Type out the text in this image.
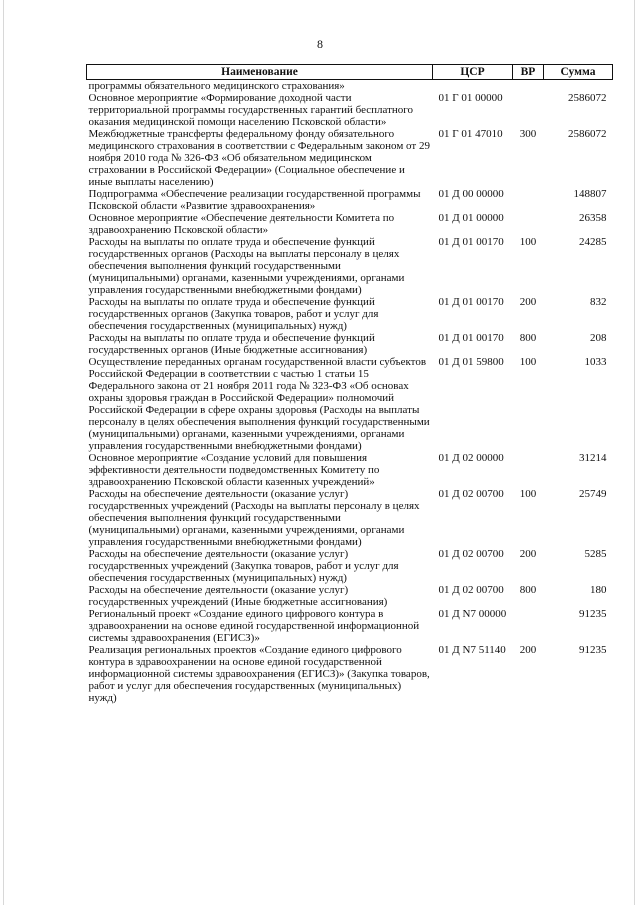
8
Наименование	ЦСР	ВР	Сумма
программы обязательного медицинского страхования»			
Основное мероприятие «Формирование доходной части территориальной программы государственных гарантий бесплатного оказания медицинской помощи населению Псковской области»	01 Г 01 00000		2586072
Межбюджетные трансферты федеральному фонду обязательного медицинского страхования в соответствии с Федеральным законом от 29 ноября 2010 года № 326-ФЗ «Об обязательном медицинском страховании в Российской Федерации» (Социальное обеспечение и иные выплаты населению)	01 Г 01 47010	300	2586072
Подпрограмма «Обеспечение реализации государственной программы Псковской области «Развитие здравоохранения»	01 Д 00 00000		148807
Основное мероприятие «Обеспечение деятельности Комитета по здравоохранению Псковской области»	01 Д 01 00000		26358
Расходы на выплаты по оплате труда и обеспечение функций государственных органов (Расходы на выплаты персоналу в целях обеспечения выполнения функций государственными (муниципальными) органами, казенными учреждениями, органами управления государственными внебюджетными фондами)	01 Д 01 00170	100	24285
Расходы на выплаты по оплате труда и обеспечение функций государственных органов (Закупка товаров, работ и услуг для обеспечения государственных (муниципальных) нужд)	01 Д 01 00170	200	832
Расходы на выплаты по оплате труда и обеспечение функций государственных органов (Иные бюджетные ассигнования)	01 Д 01 00170	800	208
Осуществление переданных органам государственной власти субъектов Российской Федерации в соответствии с частью 1 статьи 15 Федерального закона от 21 ноября 2011 года № 323-ФЗ «Об основах охраны здоровья граждан в Российской Федерации» полномочий Российской Федерации в сфере охраны здоровья (Расходы на выплаты персоналу в целях обеспечения выполнения функций государственными (муниципальными) органами, казенными учреждениями, органами управления государственными внебюджетными фондами)	01 Д 01 59800	100	1033
Основное мероприятие «Создание условий для повышения эффективности деятельности подведомственных Комитету по здравоохранению Псковской области казенных учреждений»	01 Д 02 00000		31214
Расходы на обеспечение деятельности (оказание услуг) государственных учреждений (Расходы на выплаты персоналу в целях обеспечения выполнения функций государственными (муниципальными) органами, казенными учреждениями, органами управления государственными внебюджетными фондами)	01 Д 02 00700	100	25749
Расходы на обеспечение деятельности (оказание услуг) государственных учреждений (Закупка товаров, работ и услуг для обеспечения государственных (муниципальных) нужд)	01 Д 02 00700	200	5285
Расходы на обеспечение деятельности (оказание услуг) государственных учреждений (Иные бюджетные ассигнования)	01 Д 02 00700	800	180
Региональный проект «Создание единого цифрового контура в здравоохранении на основе единой государственной информационной системы здравоохранения (ЕГИСЗ)»	01 Д N7 00000		91235
Реализация региональных проектов «Создание единого цифрового контура в здравоохранении на основе единой государственной информационной системы здравоохранения (ЕГИСЗ)» (Закупка товаров, работ и услуг для обеспечения государственных (муниципальных) нужд)	01 Д N7 51140	200	91235
